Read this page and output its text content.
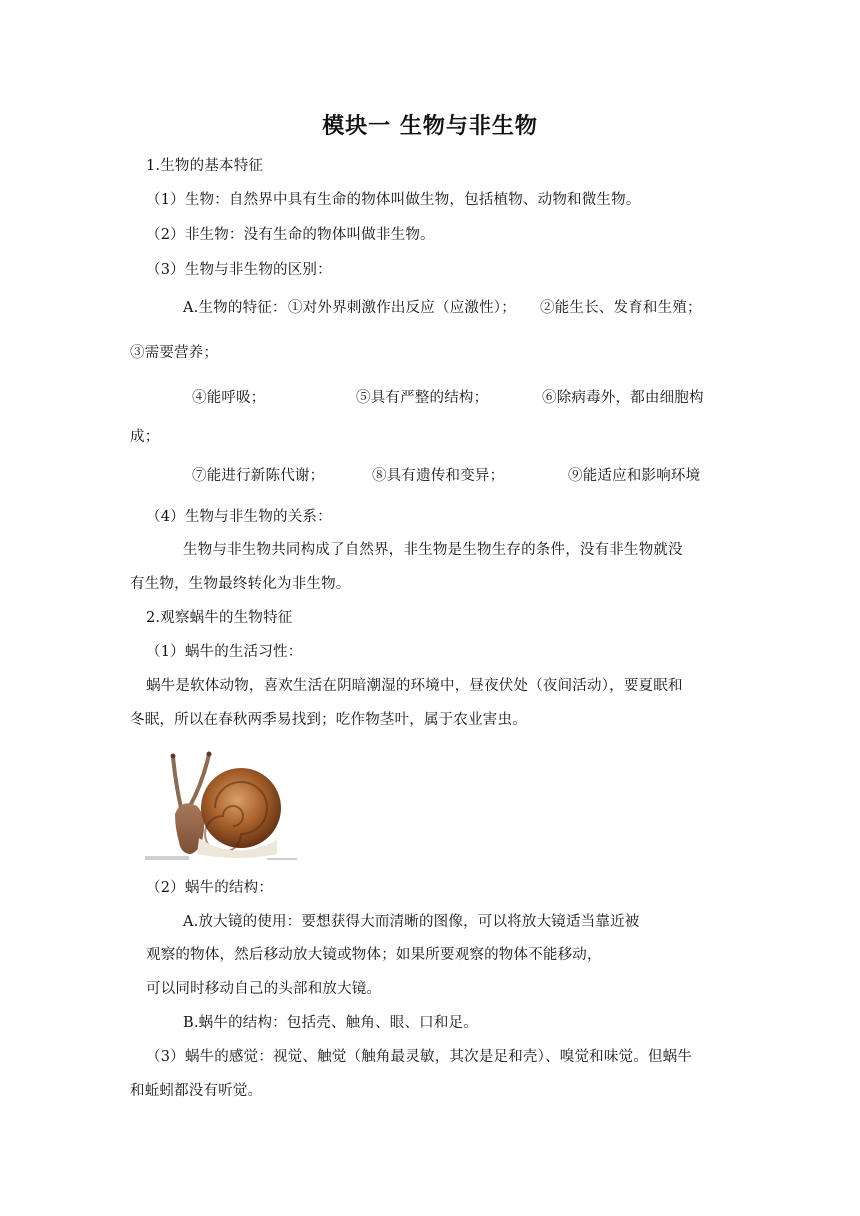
模块一 生物与非生物
1.生物的基本特征
（1）生物：自然界中具有生命的物体叫做生物，包括植物、动物和微生物。
（2）非生物：没有生命的物体叫做非生物。
（3）生物与非生物的区别：
A.生物的特征： ①对外界刺激作出反应（应激性）； ②能生长、发育和生殖；
③需要营养；
④能呼吸；	⑤具有严整的结构；	⑥除病毒外，都由细胞构
成；
⑦能进行新陈代谢；	⑧具有遗传和变异；	⑨能适应和影响环境
（4）生物与非生物的关系：
生物与非生物共同构成了自然界，非生物是生物生存的条件，没有非生物就没
有生物，生物最终转化为非生物。
2.观察蜗牛的生物特征
（1）蜗牛的生活习性：
蜗牛是软体动物，喜欢生活在阴暗潮湿的环境中，昼夜伏处（夜间活动），要夏眠和
冬眠，所以在春秋两季易找到；吃作物茎叶，属于农业害虫。
（2）蜗牛的结构：
A.放大镜的使用：要想获得大而清晰的图像，可以将放大镜适当靠近被
观察的物体，然后移动放大镜或物体；如果所要观察的物体不能移动，
可以同时移动自己的头部和放大镜。
B.蜗牛的结构：包括壳、触角、眼、口和足。
（3）蜗牛的感觉：视觉、触觉（触角最灵敏，其次是足和壳）、嗅觉和味觉。但蜗牛
和蚯蚓都没有听觉。
